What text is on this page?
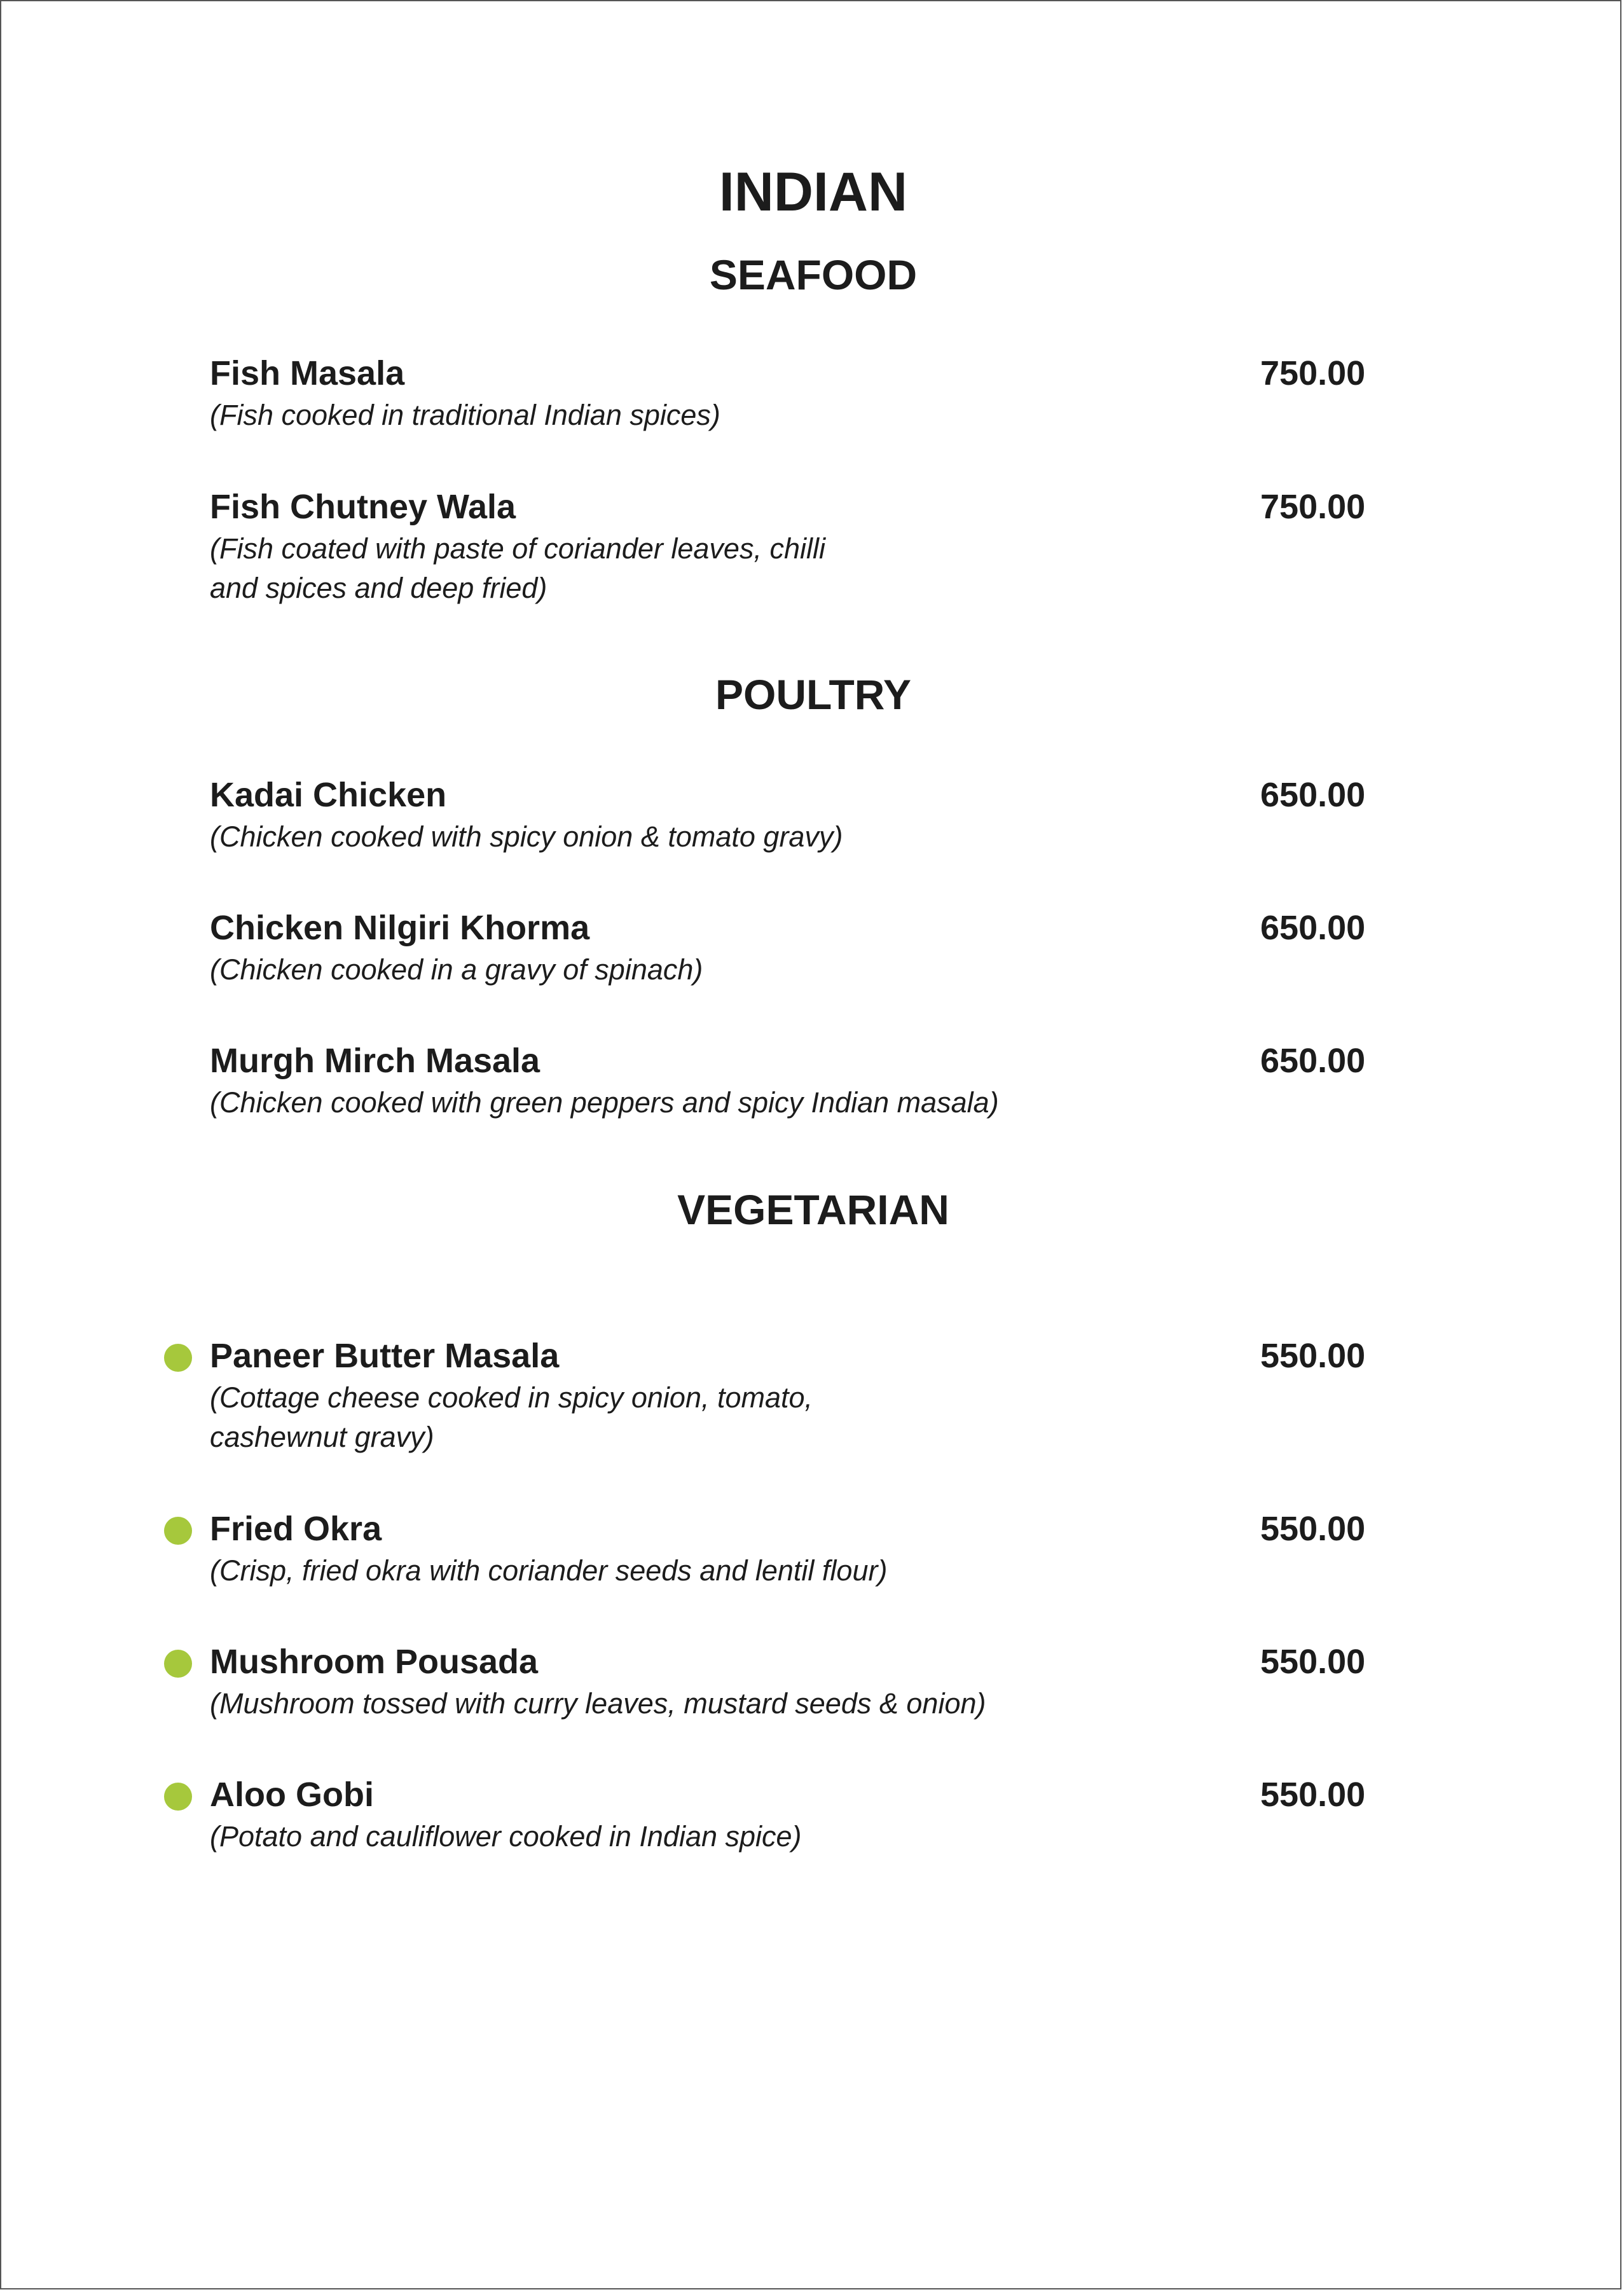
INDIAN
SEAFOOD
Fish Masala	750.00
(Fish cooked in traditional Indian spices)
Fish Chutney Wala	750.00
(Fish coated with paste of coriander leaves, chilli
and spices and deep fried)
POULTRY
Kadai Chicken	650.00
(Chicken cooked with spicy onion & tomato gravy)
Chicken Nilgiri Khorma	650.00
(Chicken cooked in a gravy of spinach)
Murgh Mirch Masala	650.00
(Chicken cooked with green peppers and spicy Indian masala)
VEGETARIAN
Paneer Butter Masala	550.00
(Cottage cheese cooked in spicy onion, tomato,
cashewnut gravy)
Fried Okra	550.00
(Crisp, fried okra with coriander seeds and lentil flour)
Mushroom Pousada	550.00
(Mushroom tossed with curry leaves, mustard seeds & onion)
Aloo Gobi	550.00
(Potato and cauliflower cooked in Indian spice)
